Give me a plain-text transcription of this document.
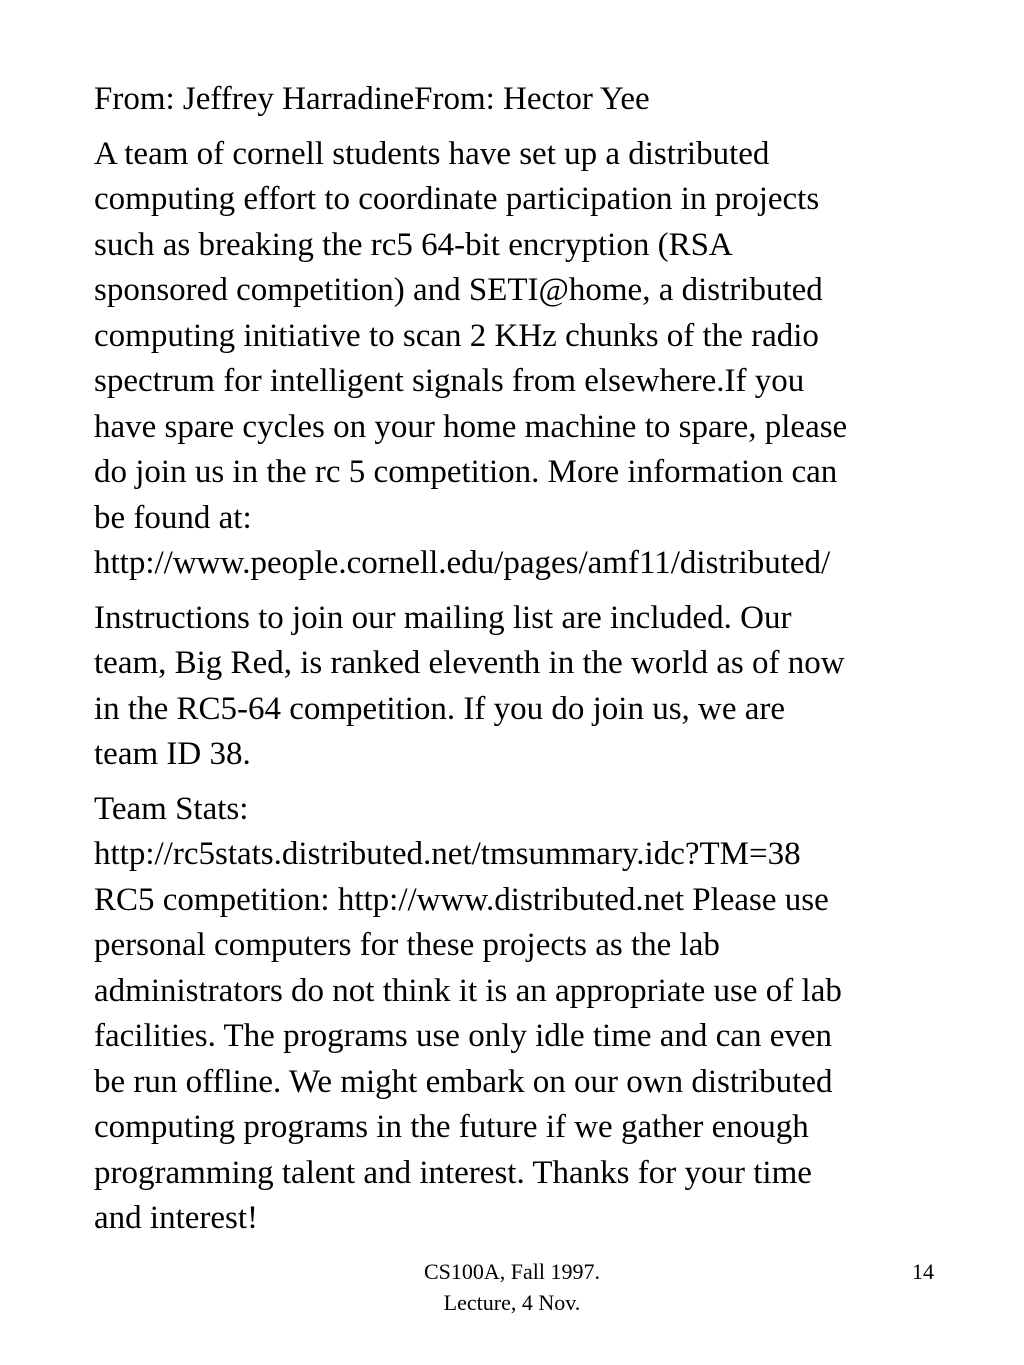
From: Jeffrey HarradineFrom: Hector Yee

A team of cornell students have set up a distributed
computing effort to coordinate participation in projects
such as breaking the rc5 64-bit encryption (RSA
sponsored competition) and SETI@home, a distributed
computing initiative to scan 2 KHz chunks of the radio
spectrum for intelligent signals from elsewhere.If you
have spare cycles on your home machine to spare, please
do join us in the rc 5 competition. More information can
be found at:
http://www.people.cornell.edu/pages/amf11/distributed/

Instructions to join our mailing list are included. Our
team, Big Red, is ranked eleventh in the world as of now
in the RC5-64 competition. If you do join us, we are
team ID 38.

Team Stats:
http://rc5stats.distributed.net/tmsummary.idc?TM=38
RC5 competition: http://www.distributed.net Please use
personal computers for these projects as the lab
administrators do not think it is an appropriate use of lab
facilities. The programs use only idle time and can even
be run offline. We might embark on our own distributed
computing programs in the future if we gather enough
programming talent and interest. Thanks for your time
and interest!

CS100A, Fall 1997.
Lecture, 4 Nov.
14
